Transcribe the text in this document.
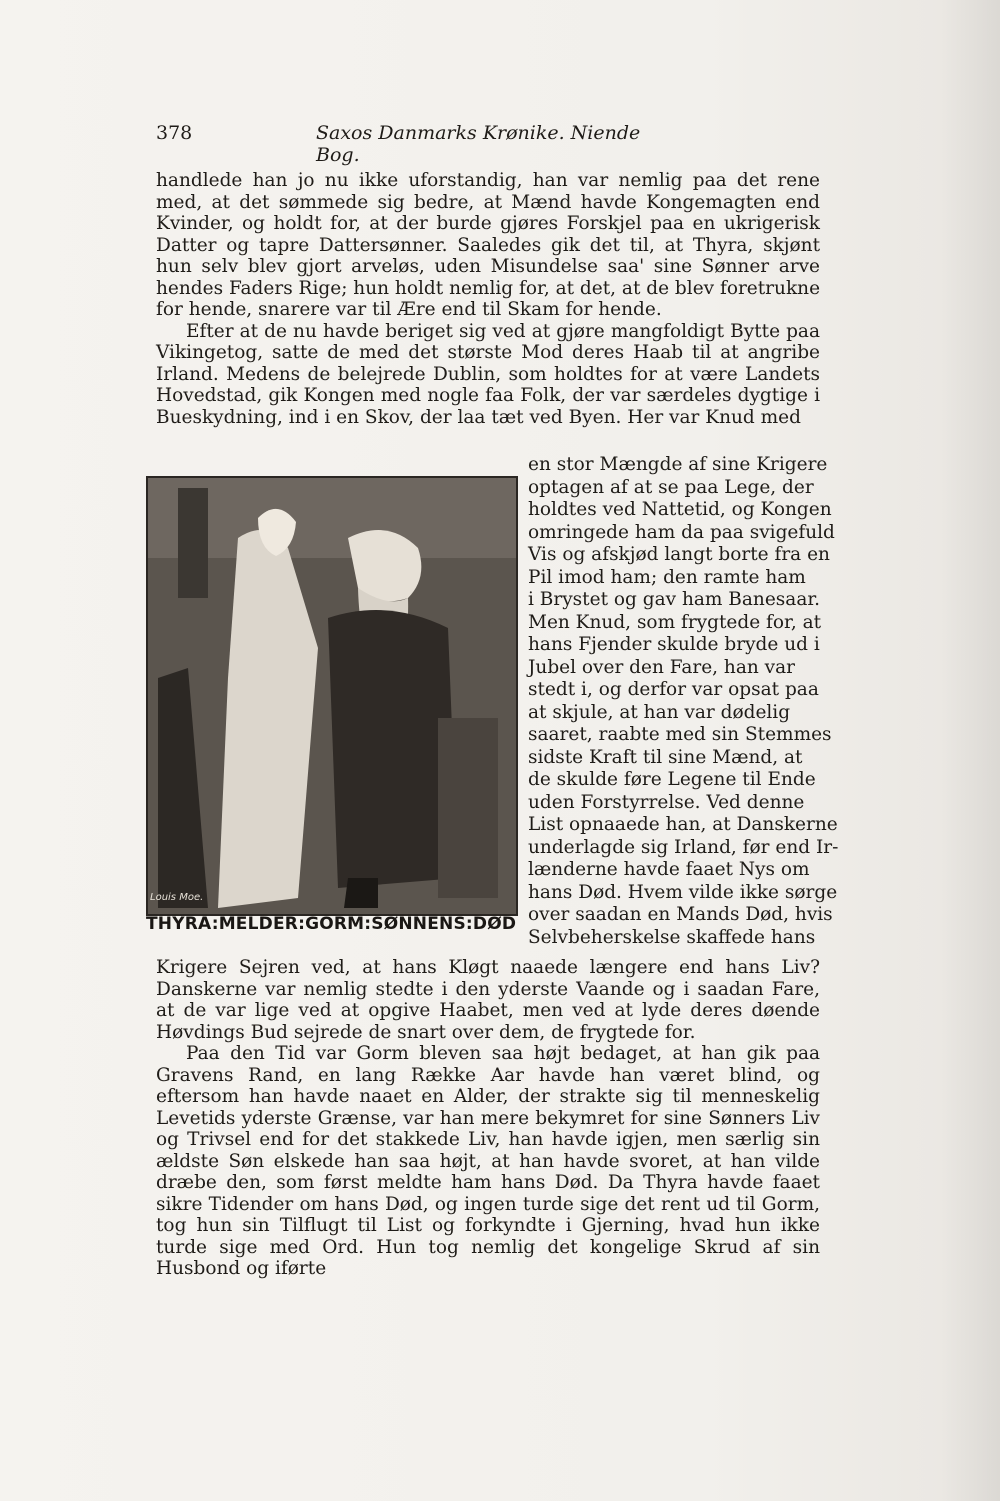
378	Saxos Danmarks Krønike. Niende Bog.

handlede han jo nu ikke uforstandig, han var nemlig paa det rene med, at det sømmede sig bedre, at Mænd havde Kongemagten end Kvinder, og holdt for, at der burde gjøres Forskjel paa en ukrigerisk Datter og tapre Dattersønner. Saaledes gik det til, at Thyra, skjønt hun selv blev gjort arveløs, uden Misundelse saa' sine Sønner arve hendes Faders Rige; hun holdt nemlig for, at det, at de blev foretrukne for hende, snarere var til Ære end til Skam for hende.

Efter at de nu havde beriget sig ved at gjøre mangfoldigt Bytte paa Vikingetog, satte de med det største Mod deres Haab til at angribe Irland. Medens de belejrede Dublin, som holdtes for at være Landets Hovedstad, gik Kongen med nogle faa Folk, der var særdeles dygtige i Bueskydning, ind i en Skov, der laa tæt ved Byen. Her var Knud med

Louis Moe.
THYRA:MELDER:GORM:SØNNENS:DØD
en stor Mængde af sine Krigere
optagen af at se paa Lege, der
holdtes ved Nattetid, og Kongen
omringede ham da paa svigefuld
Vis og afskjød langt borte fra en
Pil imod ham; den ramte ham
i Brystet og gav ham Banesaar.
Men Knud, som frygtede for, at
hans Fjender skulde bryde ud i
Jubel over den Fare, han var
stedt i, og derfor var opsat paa
at skjule, at han var dødelig
saaret, raabte med sin Stemmes
sidste Kraft til sine Mænd, at
de skulde føre Legene til Ende
uden Forstyrrelse. Ved denne
List opnaaede han, at Danskerne
underlagde sig Irland, før end Ir-
lænderne havde faaet Nys om
hans Død. Hvem vilde ikke sørge
over saadan en Mands Død, hvis
Selvbeherskelse skaffede hans

Krigere Sejren ved, at hans Kløgt naaede længere end hans Liv? Danskerne var nemlig stedte i den yderste Vaande og i saadan Fare, at de var lige ved at opgive Haabet, men ved at lyde deres døende Høvdings Bud sejrede de snart over dem, de frygtede for.

Paa den Tid var Gorm bleven saa højt bedaget, at han gik paa Gravens Rand, en lang Række Aar havde han været blind, og eftersom han havde naaet en Alder, der strakte sig til menneskelig Levetids yderste Grænse, var han mere bekymret for sine Sønners Liv og Trivsel end for det stakkede Liv, han havde igjen, men særlig sin ældste Søn elskede han saa højt, at han havde svoret, at han vilde dræbe den, som først meldte ham hans Død. Da Thyra havde faaet sikre Tidender om hans Død, og ingen turde sige det rent ud til Gorm, tog hun sin Tilflugt til List og forkyndte i Gjerning, hvad hun ikke turde sige med Ord. Hun tog nemlig det kongelige Skrud af sin Husbond og iførte
